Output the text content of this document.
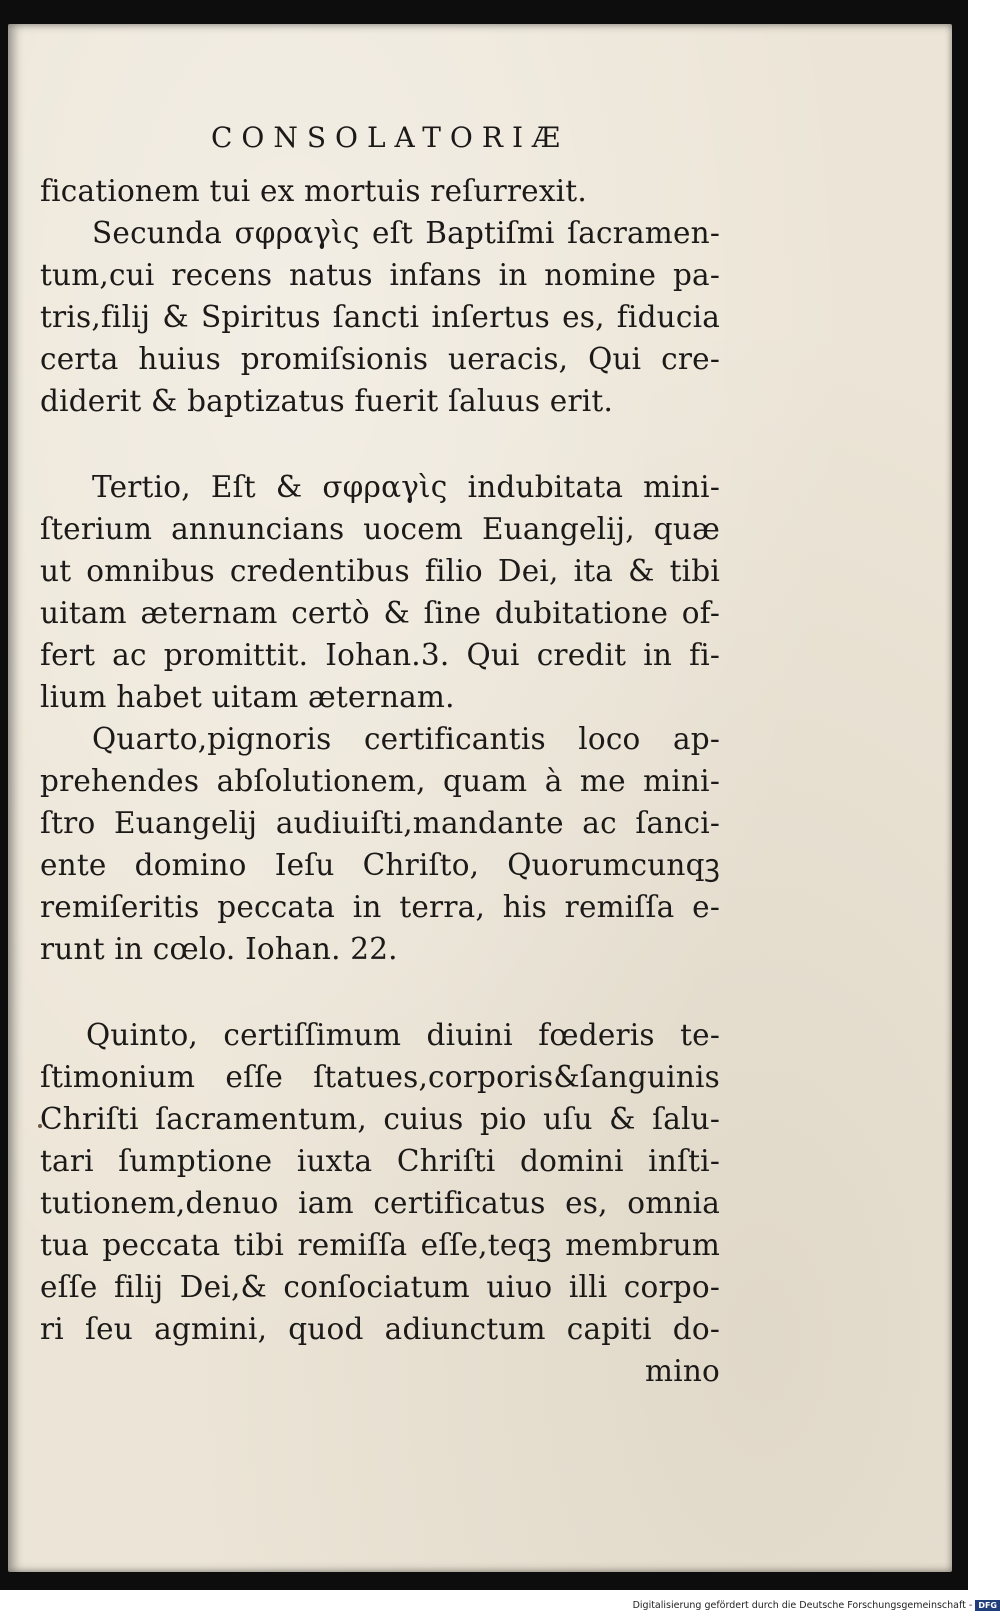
CONSOLATORIÆ
ficationem tui ex mortuis reſurrexit.
Secunda σφραγὶς eſt Baptiſmi ſacramen-
tum,cui recens natus infans in nomine pa-
tris,filij & Spiritus ſancti inſertus es, fiducia
certa huius promiſsionis ueracis, Qui cre-
diderit & baptizatus fuerit ſaluus erit.
Tertio, Eſt & σφραγὶς indubitata mini-
ſterium annuncians uocem Euangelij, quæ
ut omnibus credentibus filio Dei, ita & tibi
uitam æternam certò & ſine dubitatione of-
fert ac promittit. Iohan.3. Qui credit in fi-
lium habet uitam æternam.
Quarto,pignoris certificantis loco ap-
prehendes abſolutionem, quam à me mini-
ſtro Euangelij audiuiſti,mandante ac ſanci-
ente domino Ieſu Chriſto, Quorumcunqꝫ
remiſeritis peccata in terra, his remiſſa e-
runt in cœlo. Iohan. 22.
Quinto, certiſſimum diuini fœderis te-
ſtimonium eſſe ſtatues,corporis&ſanguinis
Chriſti ſacramentum, cuius pio uſu & ſalu-
tari ſumptione iuxta Chriſti domini inſti-
tutionem,denuo iam certificatus es, omnia
tua peccata tibi remiſſa eſſe,teqꝫ membrum
eſſe filij Dei,& conſociatum uiuo illi corpo-
ri ſeu agmini, quod adiunctum capiti do-
mino
Digitalisierung gefördert durch die Deutsche Forschungsgemeinschaft - DFG
